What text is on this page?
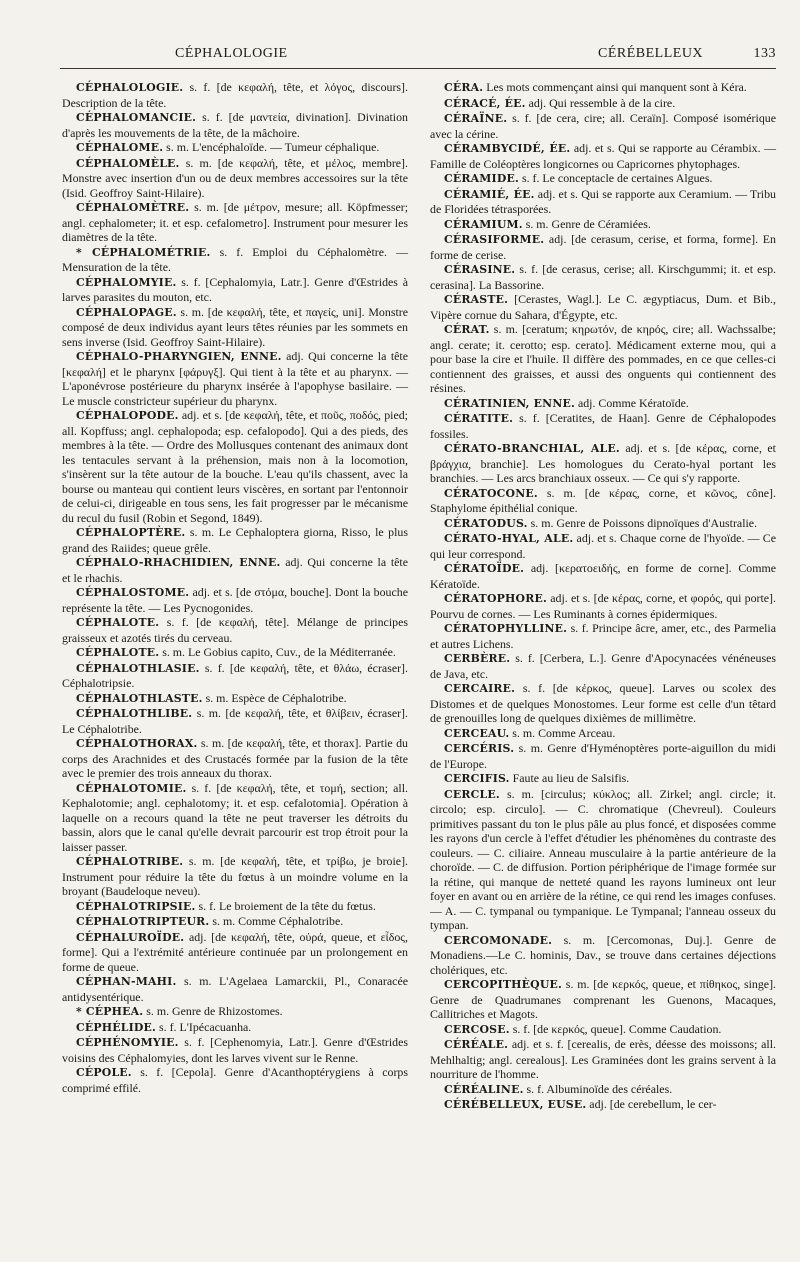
CÉPHALOLOGIE	CÉRÉBELLEUX	133

CÉPHALOLOGIE. s. f. [de κεφαλή, tête, et λόγος, discours]. Description de la tête.

CÉPHALOMANCIE. s. f. [de μαντεία, divination]. Divination d'après les mouvements de la tête, de la mâchoire.

CÉPHALOME. s. m. L'encéphaloïde. — Tumeur céphalique.

CÉPHALOMÈLE. s. m. [de κεφαλή, tête, et μέλος, membre]. Monstre avec insertion d'un ou de deux membres accessoires sur la tête (Isid. Geoffroy Saint-Hilaire).

CÉPHALOMÈTRE. s. m. [de μέτρον, mesure; all. Köpfmesser; angl. cephalometer; it. et esp. cefalometro]. Instrument pour mesurer les diamètres de la tête.

* CÉPHALOMÉTRIE. s. f. Emploi du Céphalomètre. — Mensuration de la tête.

CÉPHALOMYIE. s. f. [Cephalomyia, Latr.]. Genre d'Œstrides à larves parasites du mouton, etc.

CÉPHALOPAGE. s. m. [de κεφαλή, tête, et παγείς, uni]. Monstre composé de deux individus ayant leurs têtes réunies par les sommets en sens inverse (Isid. Geoffroy Saint-Hilaire).

CÉPHALO-PHARYNGIEN, ENNE. adj. Qui concerne la tête [κεφαλή] et le pharynx [φάρυγξ]. Qui tient à la tête et au pharynx. — L'aponévrose postérieure du pharynx insérée à l'apophyse basilaire. — Le muscle constricteur supérieur du pharynx.

CÉPHALOPODE. adj. et s. [de κεφαλή, tête, et ποῦς, ποδός, pied; all. Kopffuss; angl. cephalopoda; esp. cefalopodo]. Qui a des pieds, des membres à la tête. — Ordre des Mollusques contenant des animaux dont les tentacules servant à la préhension, mais non à la locomotion, s'insèrent sur la tête autour de la bouche. L'eau qu'ils chassent, avec la bourse ou manteau qui contient leurs viscères, en sortant par l'entonnoir de celui-ci, dirigeable en tous sens, les fait progresser par le mécanisme du recul du fusil (Robin et Segond, 1849).

CÉPHALOPTÈRE. s. m. Le Cephaloptera giorna, Risso, le plus grand des Raiides; queue grêle.

CÉPHALO-RHACHIDIEN, ENNE. adj. Qui concerne la tête et le rhachis.

CÉPHALOSTOME. adj. et s. [de στόμα, bouche]. Dont la bouche représente la tête. — Les Pycnogonides.

CÉPHALOTE. s. f. [de κεφαλή, tête]. Mélange de principes graisseux et azotés tirés du cerveau.

CÉPHALOTE. s. m. Le Gobius capito, Cuv., de la Méditerranée.

CÉPHALOTHLASIE. s. f. [de κεφαλή, tête, et θλάω, écraser]. Céphalotripsie.

CÉPHALOTHLASTE. s. m. Espèce de Céphalotribe.

CÉPHALOTHLIBE. s. m. [de κεφαλή, tête, et θλίβειν, écraser]. Le Céphalotribe.

CÉPHALOTHORAX. s. m. [de κεφαλή, tête, et thorax]. Partie du corps des Arachnides et des Crustacés formée par la fusion de la tête avec le premier des trois anneaux du thorax.

CÉPHALOTOMIE. s. f. [de κεφαλή, tête, et τομή, section; all. Kephalotomie; angl. cephalotomy; it. et esp. cefalotomia]. Opération à laquelle on a recours quand la tête ne peut traverser les détroits du bassin, alors que le canal qu'elle devrait parcourir est trop étroit pour la laisser passer.

CÉPHALOTRIBE. s. m. [de κεφαλή, tête, et τρίβω, je broie]. Instrument pour réduire la tête du fœtus à un moindre volume en la broyant (Baudeloque neveu).

CÉPHALOTRIPSIE. s. f. Le broiement de la tête du fœtus.

CÉPHALOTRIPTEUR. s. m. Comme Céphalotribe.

CÉPHALUROÏDE. adj. [de κεφαλή, tête, οὐρά, queue, et εἶδος, forme]. Qui a l'extrémité antérieure continuée par un prolongement en forme de queue.

CÉPHAN-MAHI. s. m. L'Agelaea Lamarckii, Pl., Conaracée antidysentérique.

* CÉPHEA. s. m. Genre de Rhizostomes.

CÉPHÉLIDE. s. f. L'Ipécacuanha.

CÉPHÉNOMYIE. s. f. [Cephenomyia, Latr.]. Genre d'Œstrides voisins des Céphalomyies, dont les larves vivent sur le Renne.

CÉPOLE. s. f. [Cepola]. Genre d'Acanthoptérygiens à corps comprimé effilé.

CÉRA. Les mots commençant ainsi qui manquent sont à Kéra.

CÉRACÉ, ÉE. adj. Qui ressemble à de la cire.

CÉRAÏNE. s. f. [de cera, cire; all. Ceraïn]. Composé isomérique avec la cérine.

CÉRAMBYCIDÉ, ÉE. adj. et s. Qui se rapporte au Cérambix. — Famille de Coléoptères longicornes ou Capricornes phytophages.

CÉRAMIDE. s. f. Le conceptacle de certaines Algues.

CÉRAMIÉ, ÉE. adj. et s. Qui se rapporte aux Ceramium. — Tribu de Floridées tétrasporées.

CÉRAMIUM. s. m. Genre de Céramiées.

CÉRASIFORME. adj. [de cerasum, cerise, et forma, forme]. En forme de cerise.

CÉRASINE. s. f. [de cerasus, cerise; all. Kirschgummi; it. et esp. cerasina]. La Bassorine.

CÉRASTE. [Cerastes, Wagl.]. Le C. ægyptiacus, Dum. et Bib., Vipère cornue du Sahara, d'Égypte, etc.

CÉRAT. s. m. [ceratum; κηρωτόν, de κηρός, cire; all. Wachssalbe; angl. cerate; it. cerotto; esp. cerato]. Médicament externe mou, qui a pour base la cire et l'huile. Il diffère des pommades, en ce que celles-ci contiennent des graisses, et aussi des onguents qui contiennent des résines.

CÉRATINIEN, ENNE. adj. Comme Kératoïde.

CÉRATITE. s. f. [Ceratites, de Haan]. Genre de Céphalopodes fossiles.

CÉRATO-BRANCHIAL, ALE. adj. et s. [de κέρας, corne, et βράγχια, branchie]. Les homologues du Cerato-hyal portant les branchies. — Les arcs branchiaux osseux. — Ce qui s'y rapporte.

CÉRATOCONE. s. m. [de κέρας, corne, et κῶνος, cône]. Staphylome épithélial conique.

CÉRATODUS. s. m. Genre de Poissons dipnoïques d'Australie.

CÉRATO-HYAL, ALE. adj. et s. Chaque corne de l'hyoïde. — Ce qui leur correspond.

CÉRATOÏDE. adj. [κερατοειδής, en forme de corne]. Comme Kératoïde.

CÉRATOPHORE. adj. et s. [de κέρας, corne, et φορός, qui porte]. Pourvu de cornes. — Les Ruminants à cornes épidermiques.

CÉRATOPHYLLINE. s. f. Principe âcre, amer, etc., des Parmelia et autres Lichens.

CERBÈRE. s. f. [Cerbera, L.]. Genre d'Apocynacées vénéneuses de Java, etc.

CERCAIRE. s. f. [de κέρκος, queue]. Larves ou scolex des Distomes et de quelques Monostomes. Leur forme est celle d'un têtard de grenouilles long de quelques dixièmes de millimètre.

CERCEAU. s. m. Comme Arceau.

CERCÉRIS. s. m. Genre d'Hyménoptères porte-aiguillon du midi de l'Europe.

CERCIFIS. Faute au lieu de Salsifis.

CERCLE. s. m. [circulus; κύκλος; all. Zirkel; angl. circle; it. circolo; esp. circulo]. — C. chromatique (Chevreul). Couleurs primitives passant du ton le plus pâle au plus foncé, et disposées comme les rayons d'un cercle à l'effet d'étudier les phénomènes du contraste des couleurs. — C. ciliaire. Anneau musculaire à la partie antérieure de la choroïde. — C. de diffusion. Portion périphérique de l'image formée sur la rétine, qui manque de netteté quand les rayons lumineux ont leur foyer en avant ou en arrière de la rétine, ce qui rend les images confuses. — A. — C. tympanal ou tympanique. Le Tympanal; l'anneau osseux du tympan.

CERCOMONADE. s. m. [Cercomonas, Duj.]. Genre de Monadiens.—Le C. hominis, Dav., se trouve dans certaines déjections cholériques, etc.

CERCOPITHÈQUE. s. m. [de κερκός, queue, et πίθηκος, singe]. Genre de Quadrumanes comprenant les Guenons, Macaques, Callitriches et Magots.

CERCOSE. s. f. [de κερκός, queue]. Comme Caudation.

CÉRÉALE. adj. et s. f. [cerealis, de erès, déesse des moissons; all. Mehlhaltig; angl. cerealous]. Les Graminées dont les grains servent à la nourriture de l'homme.

CÉRÉALINE. s. f. Albuminoïde des céréales.

CÉRÉBELLEUX, EUSE. adj. [de cerebellum, le cer-
